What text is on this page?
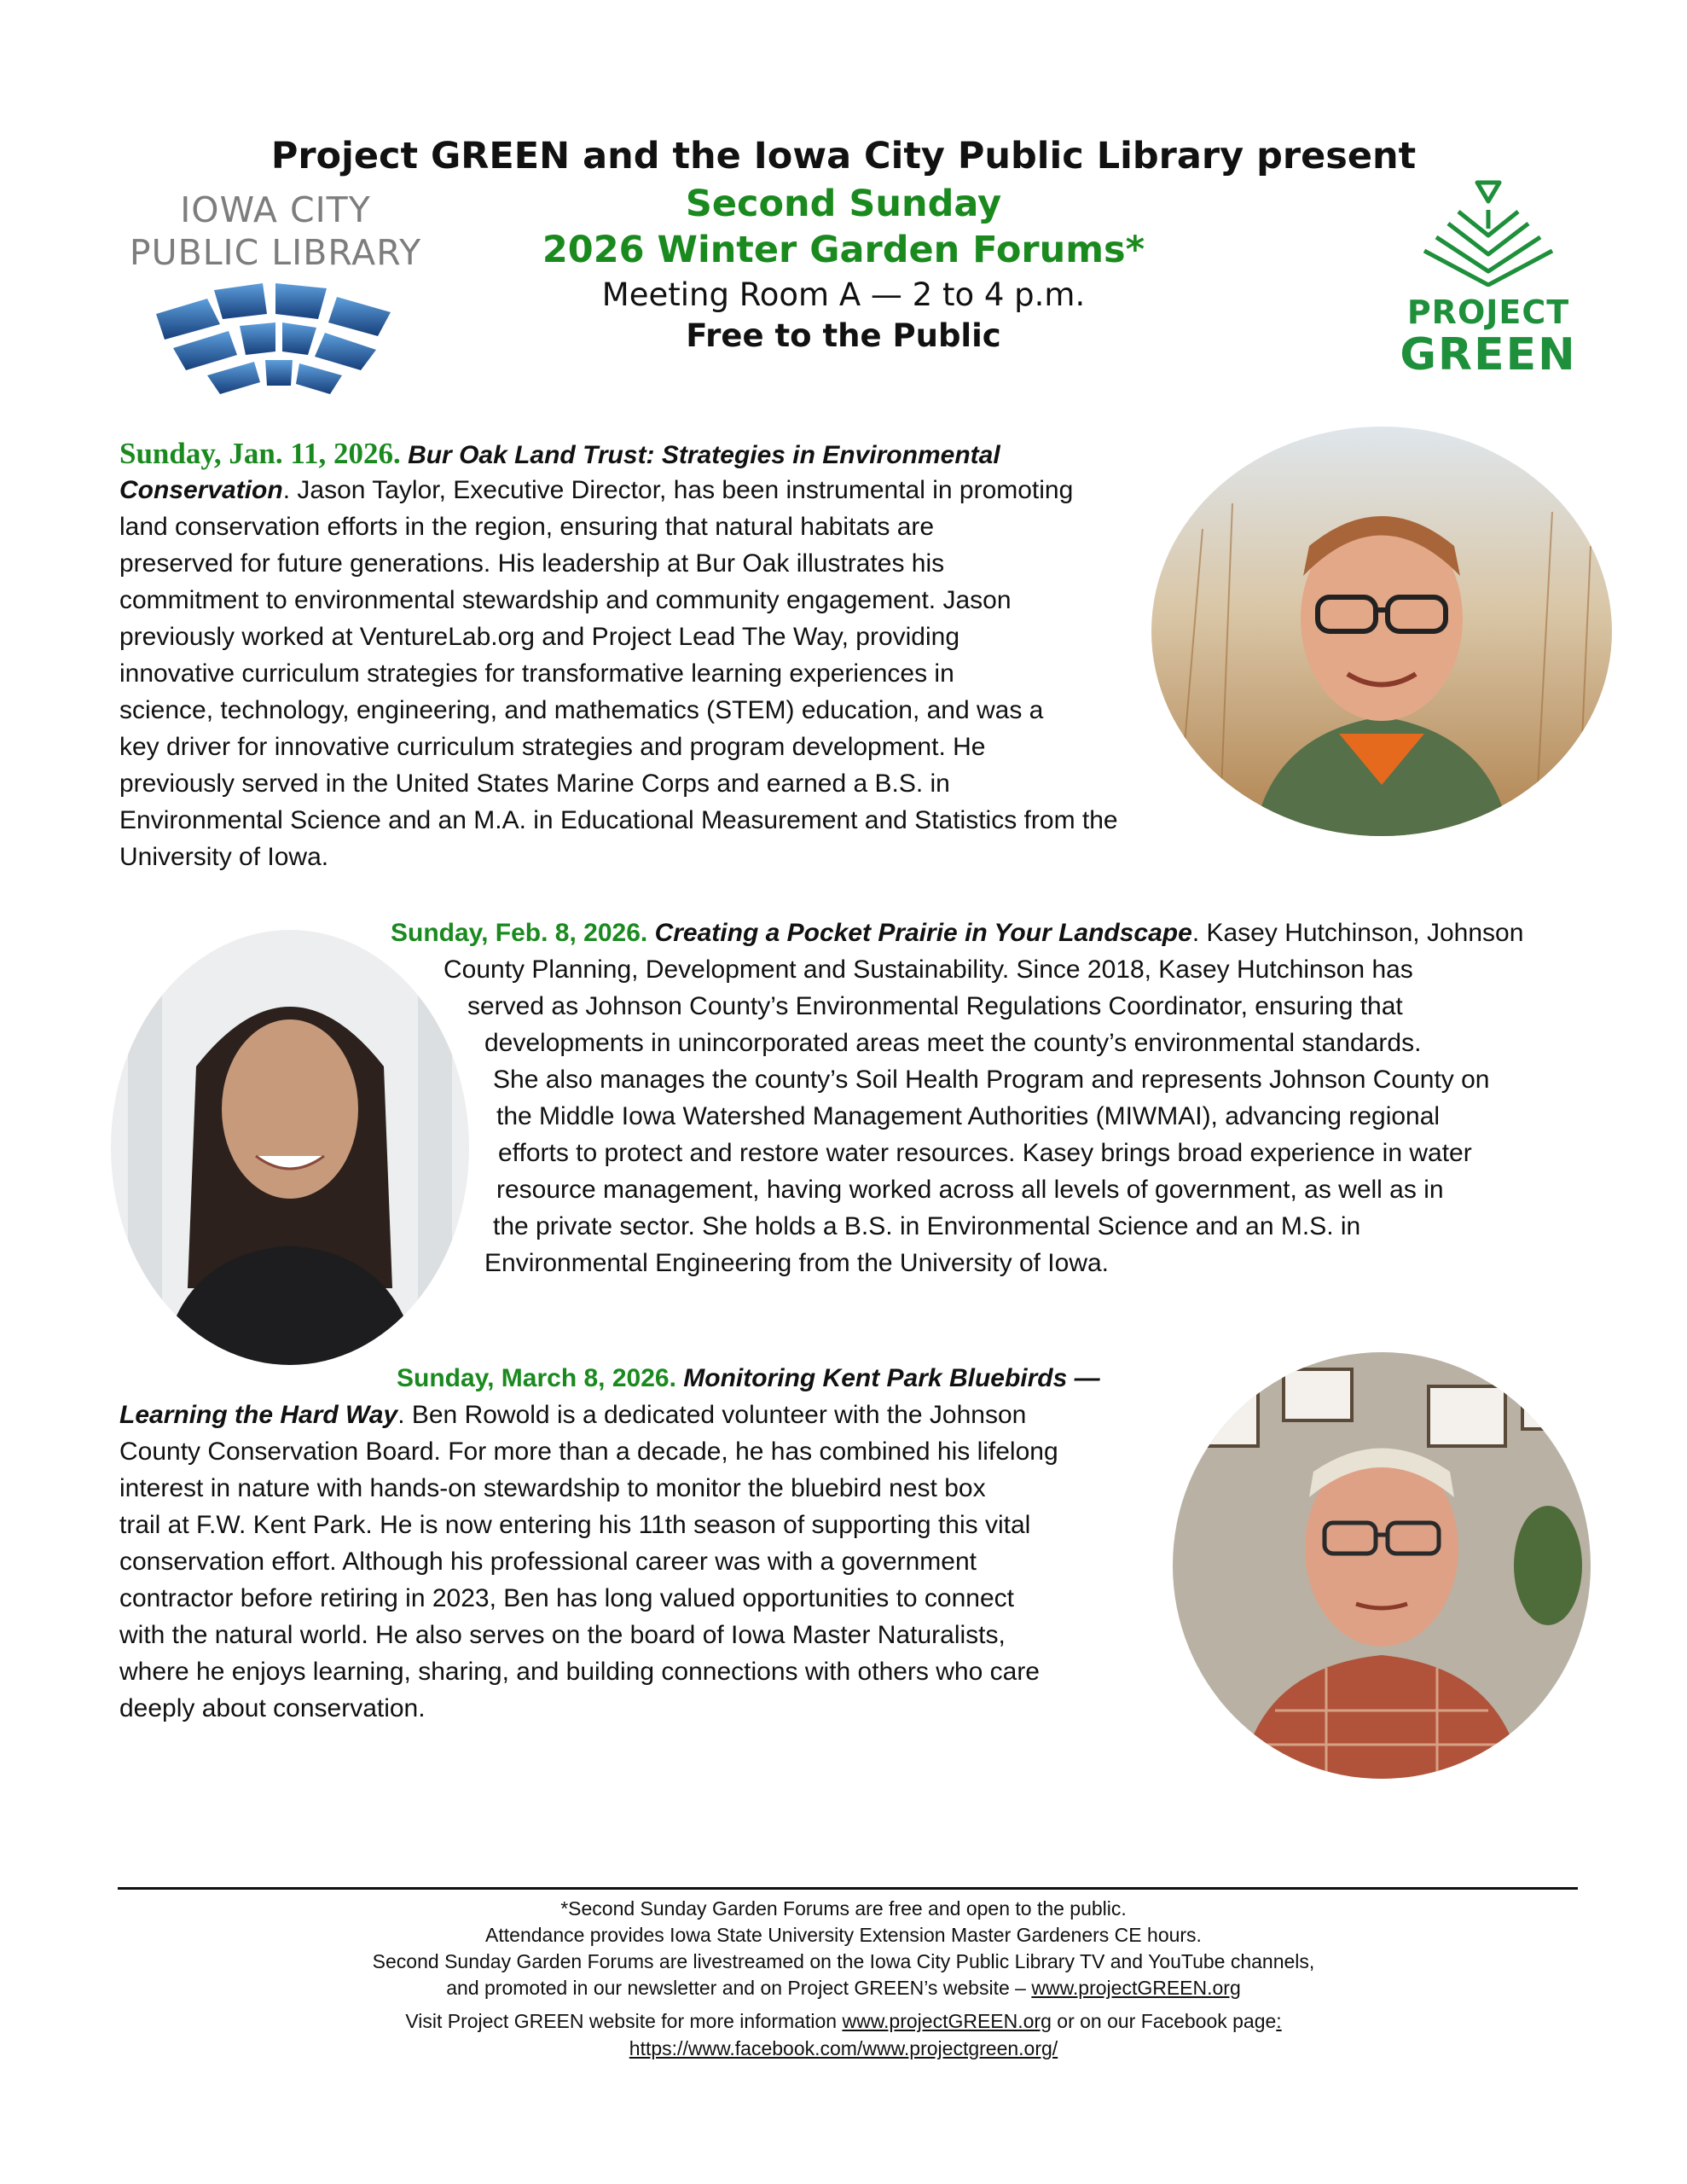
Project GREEN and the Iowa City Public Library present
Second Sunday
2026 Winter Garden Forums*
Meeting Room A — 2 to 4 p.m.
Free to the Public
IOWA CITY
PUBLIC LIBRARY
PROJECT
GREEN
Sunday, Jan. 11, 2026. Bur Oak Land Trust: Strategies in Environmental
Conservation. Jason Taylor, Executive Director, has been instrumental in promoting
land conservation efforts in the region, ensuring that natural habitats are
preserved for future generations. His leadership at Bur Oak illustrates his
commitment to environmental stewardship and community engagement. Jason
previously worked at VentureLab.org and Project Lead The Way, providing
innovative curriculum strategies for transformative learning experiences in
science, technology, engineering, and mathematics (STEM) education, and was a
key driver for innovative curriculum strategies and program development. He
previously served in the United States Marine Corps and earned a B.S. in
Environmental Science and an M.A. in Educational Measurement and Statistics from the
University of Iowa.
Sunday, Feb. 8, 2026. Creating a Pocket Prairie in Your Landscape. Kasey Hutchinson, Johnson
County Planning, Development and Sustainability. Since 2018, Kasey Hutchinson has
served as Johnson County’s Environmental Regulations Coordinator, ensuring that
developments in unincorporated areas meet the county’s environmental standards.
She also manages the county’s Soil Health Program and represents Johnson County on
the Middle Iowa Watershed Management Authorities (MIWMAI), advancing regional
efforts to protect and restore water resources. Kasey brings broad experience in water
resource management, having worked across all levels of government, as well as in
the private sector. She holds a B.S. in Environmental Science and an M.S. in
Environmental Engineering from the University of Iowa.
Sunday, March 8, 2026. Monitoring Kent Park Bluebirds —
Learning the Hard Way. Ben Rowold is a dedicated volunteer with the Johnson
County Conservation Board. For more than a decade, he has combined his lifelong
interest in nature with hands-on stewardship to monitor the bluebird nest box
trail at F.W. Kent Park. He is now entering his 11th season of supporting this vital
conservation effort. Although his professional career was with a government
contractor before retiring in 2023, Ben has long valued opportunities to connect
with the natural world. He also serves on the board of Iowa Master Naturalists,
where he enjoys learning, sharing, and building connections with others who care
deeply about conservation.
*Second Sunday Garden Forums are free and open to the public.
Attendance provides Iowa State University Extension Master Gardeners CE hours.
Second Sunday Garden Forums are livestreamed on the Iowa City Public Library TV and YouTube channels,
and promoted in our newsletter and on Project GREEN’s website – www.projectGREEN.org
Visit Project GREEN website for more information www.projectGREEN.org or on our Facebook page:
https://www.facebook.com/www.projectgreen.org/
